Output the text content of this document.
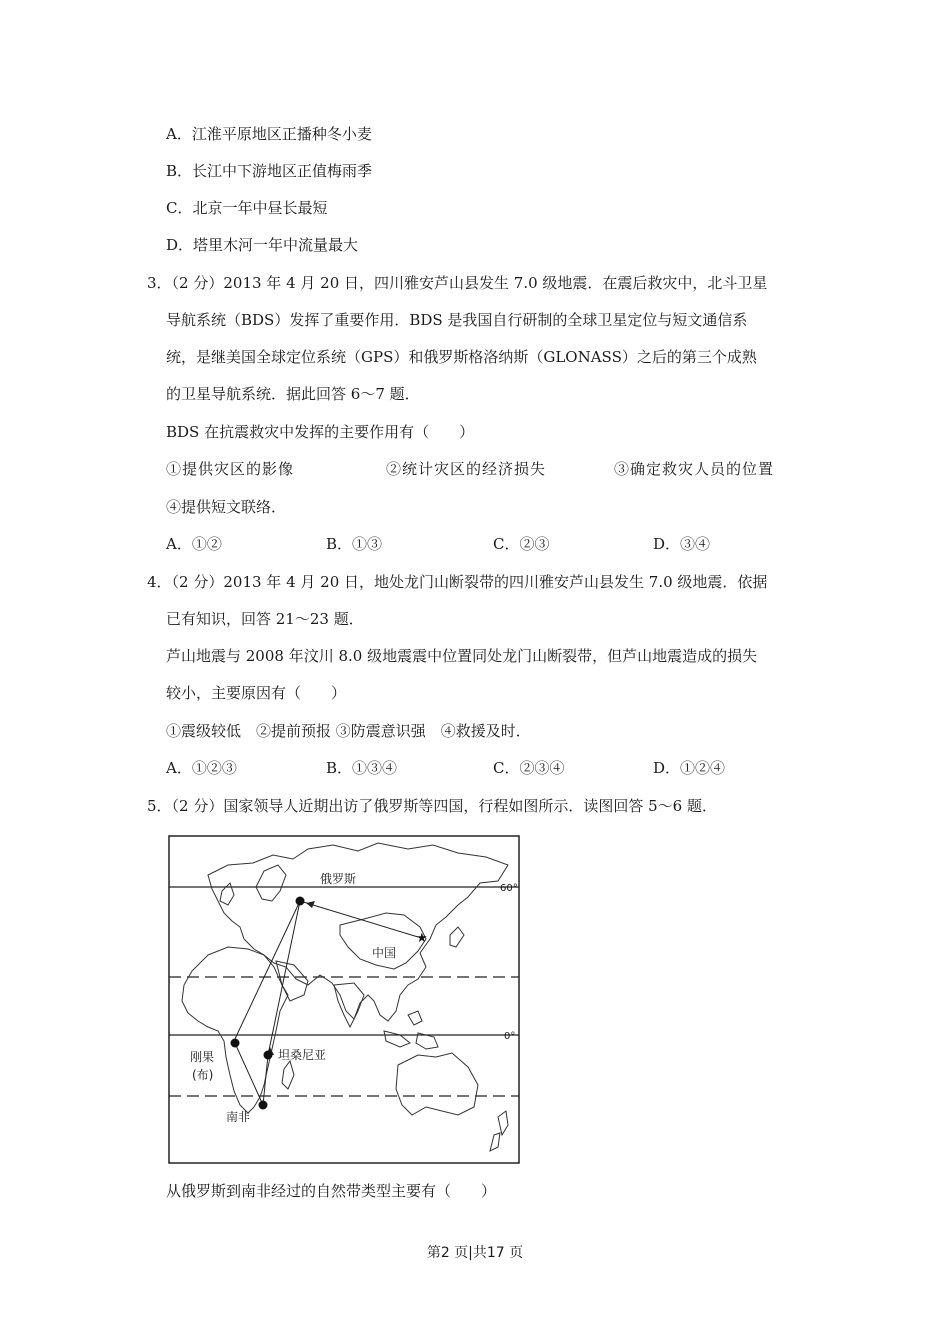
A．江淮平原地区正播种冬小麦
B．长江中下游地区正值梅雨季
C．北京一年中昼长最短
D．塔里木河一年中流量最大
3．（2 分）2013 年 4 月 20 日，四川雅安芦山县发生 7.0 级地震．在震后救灾中，北斗卫星
导航系统（BDS）发挥了重要作用．BDS 是我国自行研制的全球卫星定位与短文通信系
统，是继美国全球定位系统（GPS）和俄罗斯格洛纳斯（GLONASS）之后的第三个成熟
的卫星导航系统．据此回答 6～7 题．
BDS 在抗震救灾中发挥的主要作用有（　　）
①提供灾区的影像	②统计灾区的经济损失	③确定救灾人员的位置
④提供短文联络．
A．①②	B．①③	C．②③	D．③④
4．（2 分）2013 年 4 月 20 日，地处龙门山断裂带的四川雅安芦山县发生 7.0 级地震．依据
已有知识，回答 21～23 题．
芦山地震与 2008 年汶川 8.0 级地震震中位置同处龙门山断裂带，但芦山地震造成的损失
较小，主要原因有（　　）
①震级较低　②提前预报 ③防震意识强　④救援及时．
A．①②③	B．①③④	C．②③④	D．①②④
5．（2 分）国家领导人近期出访了俄罗斯等四国，行程如图所示．读图回答 5～6 题．
★
俄罗斯
中国
刚果
(布)
坦桑尼亚
南非
60°
0°
从俄罗斯到南非经过的自然带类型主要有（　　）
第2 页|共17 页
